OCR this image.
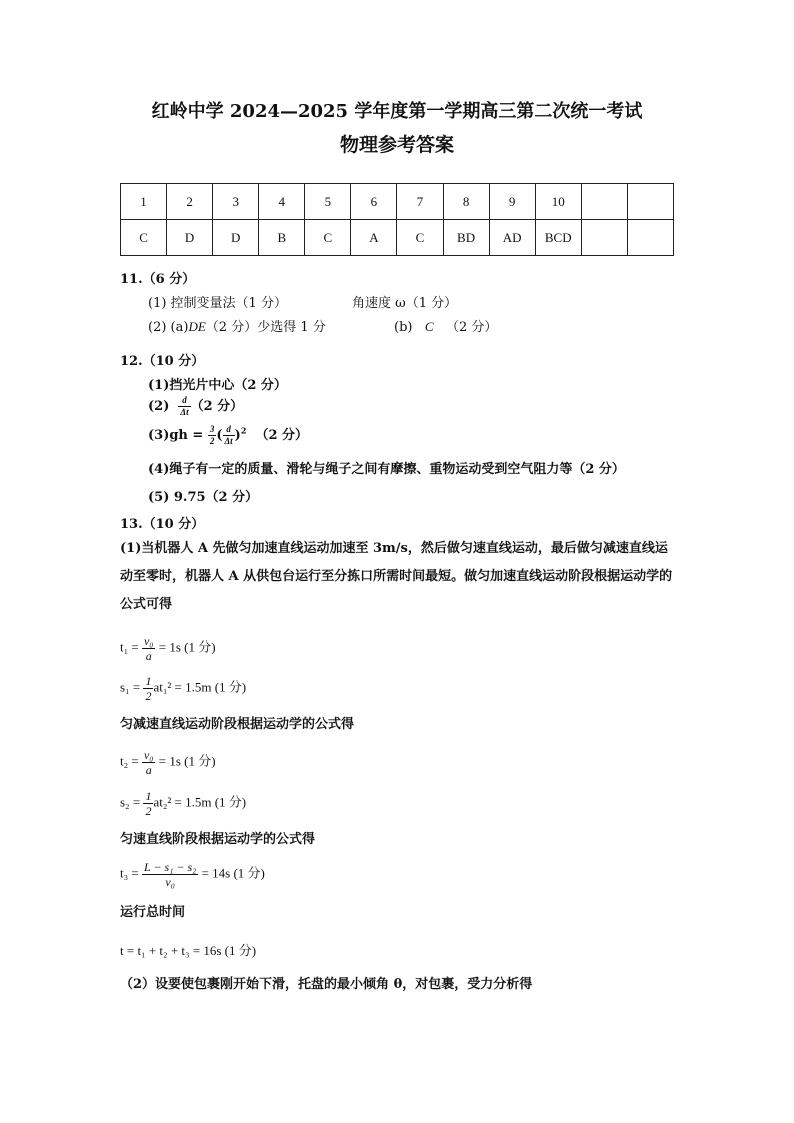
红岭中学 2024—2025 学年度第一学期高三第二次统一考试
物理参考答案
1	2	3	4	5	6	7	8	9	10		
C	D	D	B	C	A	C	BD	AD	BCD		
11.（6 分）
(1) 控制变量法（1 分）	角速度 ω（1 分）
(2) (a)DE（2 分）少选得 1 分	(b) C （2 分）
12.（10 分）
(1)挡光片中心（2 分）
$(2) \frac{d}{\Delta t} (2$ 分）
$(3)gh = \frac{3}{2}$ ( $\frac{d}{\Delta t} )^2$ （2 分）
(4)绳子有一定的质量、滑轮与绳子之间有摩擦、重物运动受到空气阻力等（2 分）
(5) 9.75（2 分）
13.（10 分）
(1)当机器人 A 先做匀加速直线运动加速至 3m/s，然后做匀速直线运动，最后做匀减速直线运动至零时，机器人 A 从供包台运行至分拣口所需时间最短。做匀加速直线运动阶段根据运动学的公式可得
$t_1 = \frac{\text{v₀}}{a} = 1s$ (1 分)
$s_1 = \frac{1}{2} at_1^2 = 1.5m$ (1 分)
匀减速直线运动阶段根据运动学的公式得
$t_2 = \frac{\text{v₀}}{a} = 1s$ (1 分)
$s_2 = \frac{1}{2} at_2^2 = 1.5m$ (1 分)
匀速直线阶段根据运动学的公式得
$t_3 = \frac{\text{L − s₁ − s₂}}{\text{v₀}} = 14s$ (1 分)
运行总时间
t = t₁ + t₂ + t₃ = 16s (1 分)
（2）设要使包裹刚开始下滑，托盘的最小倾角 θ，对包裹，受力分析得
